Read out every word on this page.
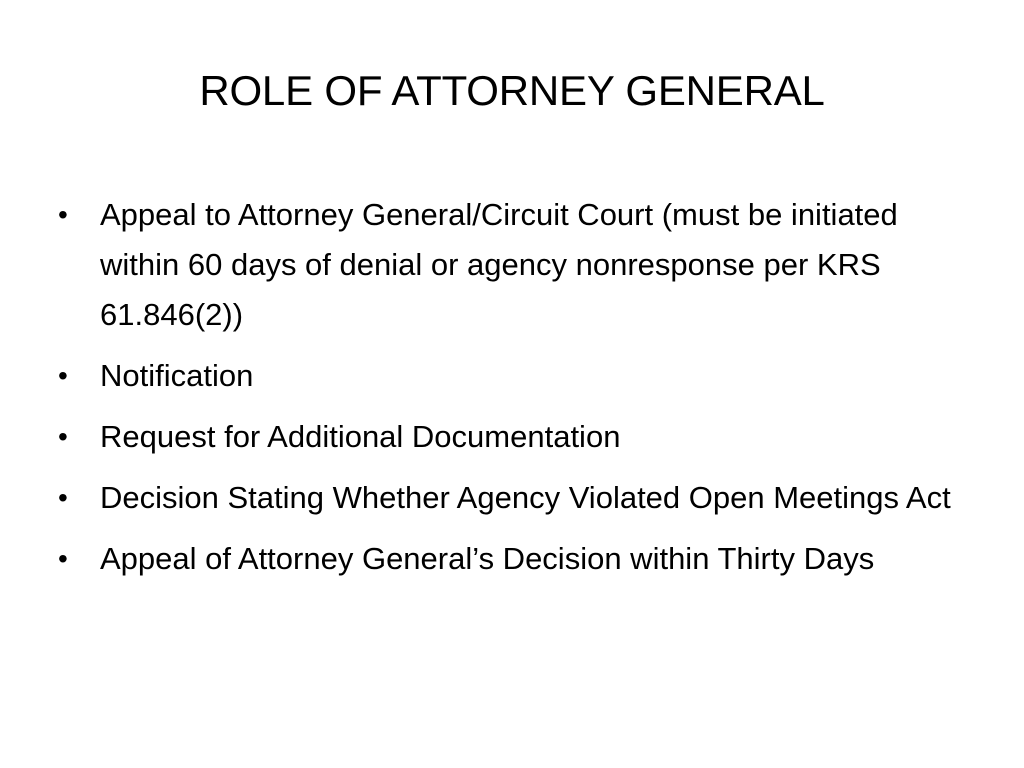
ROLE OF ATTORNEY GENERAL
•	Appeal to Attorney General/Circuit Court (must be initiated within 60 days of denial or agency nonresponse per KRS 61.846(2))
•	Notification
•	Request for Additional Documentation
•	Decision Stating Whether Agency Violated Open Meetings Act
•	Appeal of Attorney General’s Decision within Thirty Days
